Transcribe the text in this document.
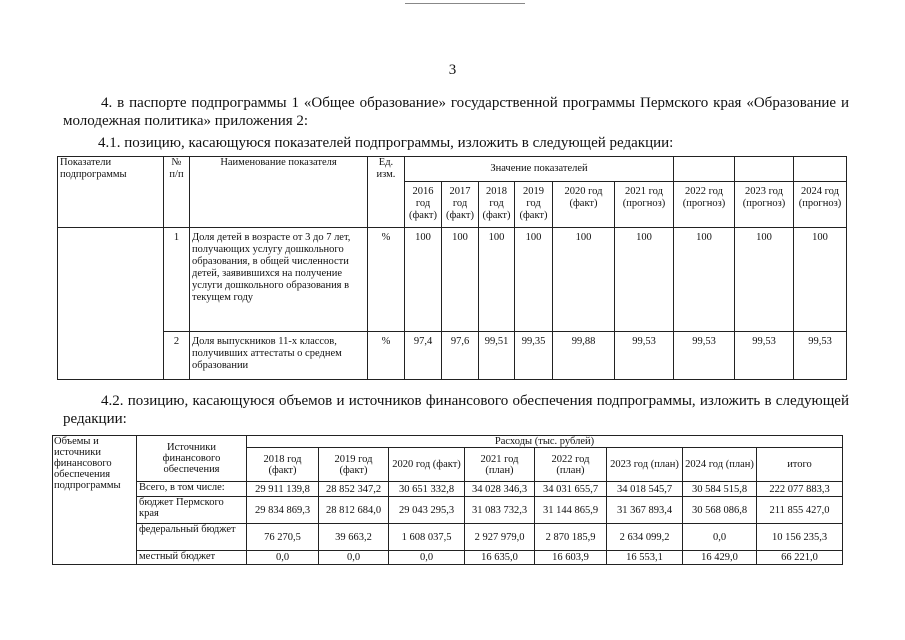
3
4. в паспорте подпрограммы 1 «Общее образование» государственной программы Пермского края «Образование и молодежная политика» приложения 2:
4.1. позицию, касающуюся показателей подпрограммы, изложить в следующей редакции:
Показатели подпрограммы	№ п/п	Наименование показателя	Ед. изм.	Значение показателей								
				2016 год (факт)	2017 год (факт)	2018 год (факт)	2019 год (факт)	2020 год (факт)	2021 год (прогноз)	2022 год (прогноз)	2023 год (прогноз)	2024 год (прогноз)
	1	Доля детей в возрасте от 3 до 7 лет, получающих услугу дошкольного образования, в общей численности детей, заявившихся на получение услуги дошкольного образования в текущем году	%	100	100	100	100	100	100	100	100	100
	2	Доля выпускников 11-х классов, получивших аттестаты о среднем образовании	%	97,4	97,6	99,51	99,35	99,88	99,53	99,53	99,53	99,53
4.2. позицию, касающуюся объемов и источников финансового обеспечения подпрограммы, изложить в следующей редакции:
Объемы и источники финансового обеспечения подпрограммы	Источники финансового обеспечения	Расходы (тыс. рублей)							
		2018 год (факт)	2019 год (факт)	2020 год (факт)	2021 год (план)	2022 год (план)	2023 год (план)	2024 год (план)	итого
	Всего, в том числе:	29 911 139,8	28 852 347,2	30 651 332,8	34 028 346,3	34 031 655,7	34 018 545,7	30 584 515,8	222 077 883,3
	бюджет Пермского края	29 834 869,3	28 812 684,0	29 043 295,3	31 083 732,3	31 144 865,9	31 367 893,4	30 568 086,8	211 855 427,0
	федеральный бюджет	76 270,5	39 663,2	1 608 037,5	2 927 979,0	2 870 185,9	2 634 099,2	0,0	10 156 235,3
	местный бюджет	0,0	0,0	0,0	16 635,0	16 603,9	16 553,1	16 429,0	66 221,0
